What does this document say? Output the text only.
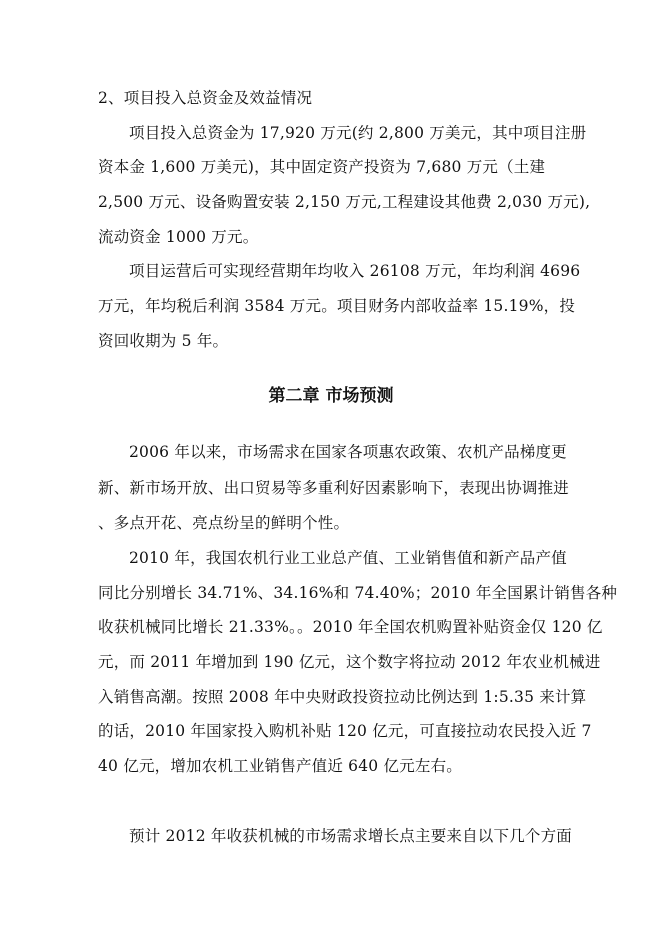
2、项目投入总资金及效益情况
项目投入总资金为 17,920 万元(约 2,800 万美元，其中项目注册
资本金 1,600 万美元)，其中固定资产投资为 7,680 万元（土建
2,500 万元、设备购置安装 2,150 万元,工程建设其他费 2,030 万元),
流动资金 1000 万元。
项目运营后可实现经营期年均收入 26108 万元，年均利润 4696
万元，年均税后利润 3584 万元。项目财务内部收益率 15.19%，投
资回收期为 5 年。
第二章 市场预测
2006 年以来，市场需求在国家各项惠农政策、农机产品梯度更
新、新市场开放、出口贸易等多重利好因素影响下，表现出协调推进
、多点开花、亮点纷呈的鲜明个性。
2010 年，我国农机行业工业总产值、工业销售值和新产品产值
同比分别增长 34.71%、34.16%和 74.40%；2010 年全国累计销售各种
收获机械同比增长 21.33%。。2010 年全国农机购置补贴资金仅 120 亿
元，而 2011 年增加到 190 亿元，这个数字将拉动 2012 年农业机械进
入销售高潮。按照 2008 年中央财政投资拉动比例达到 1:5.35 来计算
的话，2010 年国家投入购机补贴 120 亿元，可直接拉动农民投入近 7
40 亿元，增加农机工业销售产值近 640 亿元左右。
预计 2012 年收获机械的市场需求增长点主要来自以下几个方面
